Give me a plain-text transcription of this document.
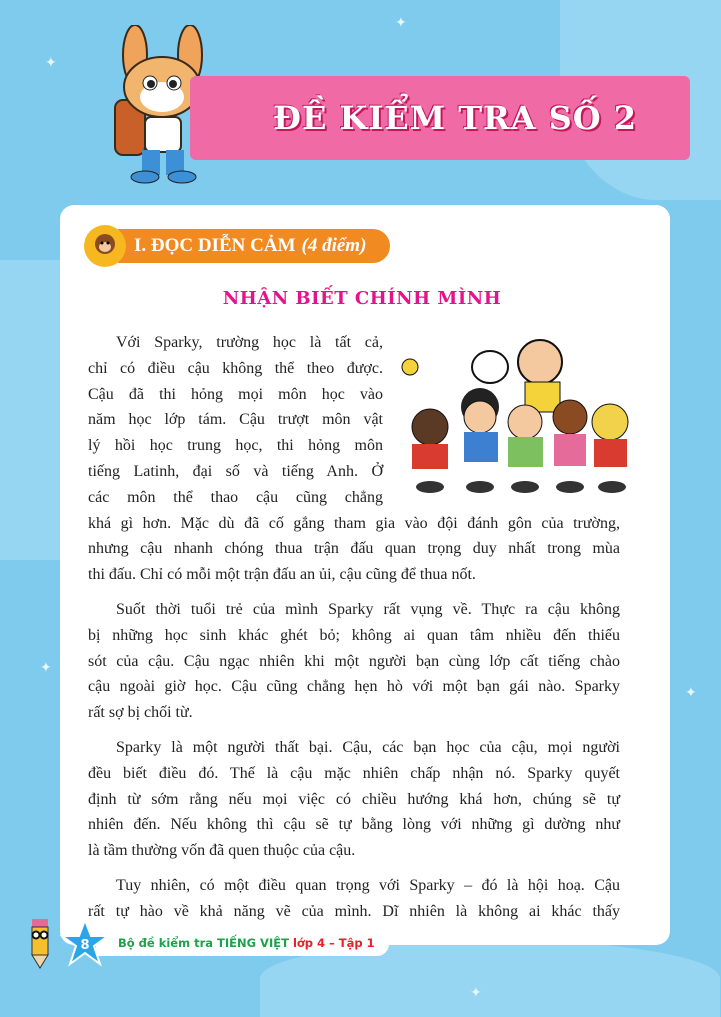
✦
✦
✦
✦
✦
ĐỀ KIỂM TRA SỐ 2
I. ĐỌC DIỄN CẢM (4 điểm)
NHẬN BIẾT CHÍNH MÌNH
Với Sparky, trường học là tất cả,
chỉ có điều cậu không thể theo được.
Cậu đã thi hỏng mọi môn học vào
năm học lớp tám. Cậu trượt môn vật
lý hồi học trung học, thi hỏng môn
tiếng Latinh, đại số và tiếng Anh. Ở
các môn thể thao cậu cũng chẳng
khá gì hơn. Mặc dù đã cố gắng tham gia vào đội đánh gôn của trường,
nhưng cậu nhanh chóng thua trận đấu quan trọng duy nhất trong mùa
thi đấu. Chỉ có mỗi một trận đấu an ủi, cậu cũng để thua nốt.
Suốt thời tuổi trẻ của mình Sparky rất vụng về. Thực ra cậu không
bị những học sinh khác ghét bỏ; không ai quan tâm nhiều đến thiếu
sót của cậu. Cậu ngạc nhiên khi một người bạn cùng lớp cất tiếng chào
cậu ngoài giờ học. Cậu cũng chẳng hẹn hò với một bạn gái nào. Sparky
rất sợ bị chối từ.
Sparky là một người thất bại. Cậu, các bạn học của cậu, mọi người
đều biết điều đó. Thế là cậu mặc nhiên chấp nhận nó. Sparky quyết
định từ sớm rằng nếu mọi việc có chiều hướng khá hơn, chúng sẽ tự
nhiên đến. Nếu không thì cậu sẽ tự bằng lòng với những gì dường như
là tầm thường vốn đã quen thuộc của cậu.
Tuy nhiên, có một điều quan trọng với Sparky – đó là hội hoạ. Cậu
rất tự hào về khả năng vẽ của mình. Dĩ nhiên là không ai khác thấy
8	Bộ đề kiểm tra TIẾNG VIỆT lớp 4 – Tập 1
